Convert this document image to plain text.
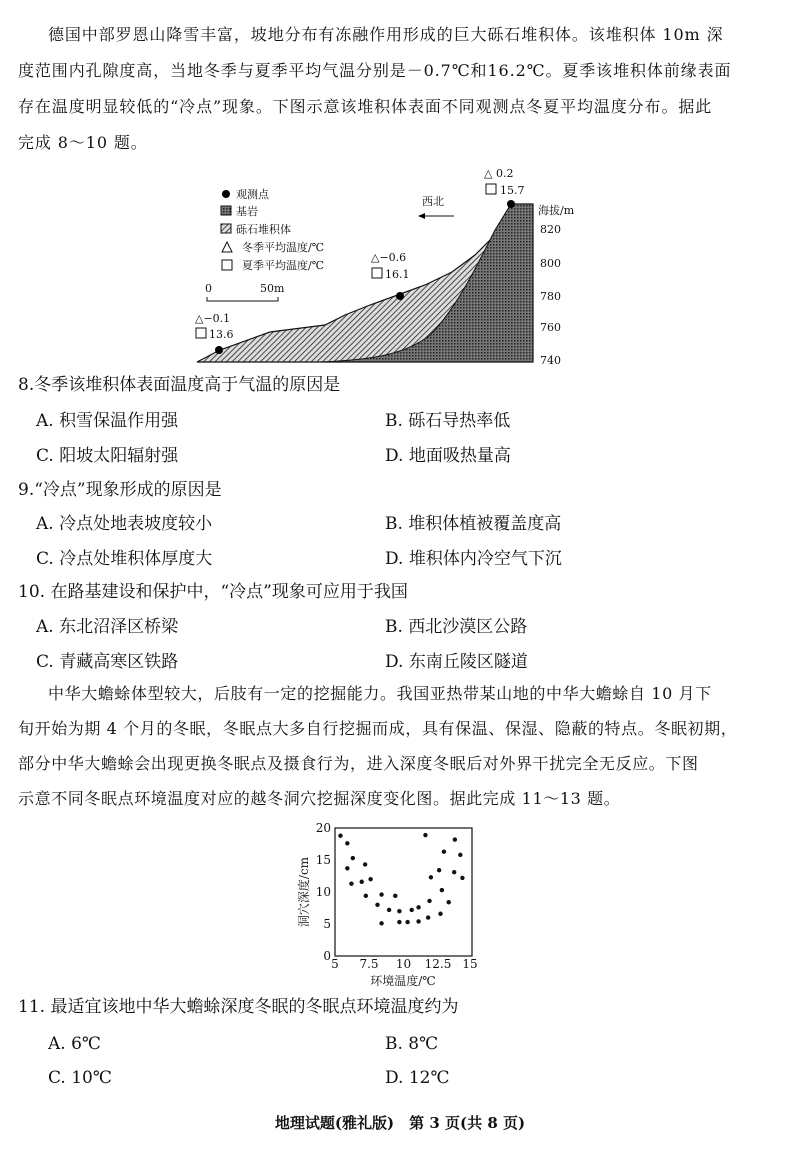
德国中部罗恩山降雪丰富，坡地分布有冻融作用形成的巨大砾石堆积体。该堆积体 10m 深
度范围内孔隙度高，当地冬季与夏季平均气温分别是－0.7℃和16.2℃。夏季该堆积体前缘表面
存在温度明显较低的“冷点”现象。下图示意该堆积体表面不同观测点冬夏平均温度分布。据此
完成 8～10 题。
观测点
基岩
砾石堆积体
冬季平均温度/℃
夏季平均温度/℃
0	50m
西北
△−0.1
13.6
△−0.6
16.1
△ 0.2
15.7
海拔/m
820
800
780
760
740
8.冬季该堆积体表面温度高于气温的原因是
A. 积雪保温作用强	B. 砾石导热率低
C. 阳坡太阳辐射强	D. 地面吸热量高
9.“冷点”现象形成的原因是
A. 冷点处地表坡度较小	B. 堆积体植被覆盖度高
C. 冷点处堆积体厚度大	D. 堆积体内冷空气下沉
10. 在路基建设和保护中，“冷点”现象可应用于我国
A. 东北沼泽区桥梁	B. 西北沙漠区公路
C. 青藏高寒区铁路	D. 东南丘陵区隧道
中华大蟾蜍体型较大，后肢有一定的挖掘能力。我国亚热带某山地的中华大蟾蜍自 10 月下
旬开始为期 4 个月的冬眠，冬眠点大多自行挖掘而成，具有保温、保湿、隐蔽的特点。冬眠初期，
部分中华大蟾蜍会出现更换冬眠点及摄食行为，进入深度冬眠后对外界干扰完全无反应。下图
示意不同冬眠点环境温度对应的越冬洞穴挖掘深度变化图。据此完成 11～13 题。
5 7.5 10 12.5 15
0
5
10
15
20
环境温度/℃
洞穴深度/cm
11. 最适宜该地中华大蟾蜍深度冬眠的冬眠点环境温度约为
A. 6℃	B. 8℃
C. 10℃	D. 12℃
地理试题(雅礼版)　第 3 页(共 8 页)
